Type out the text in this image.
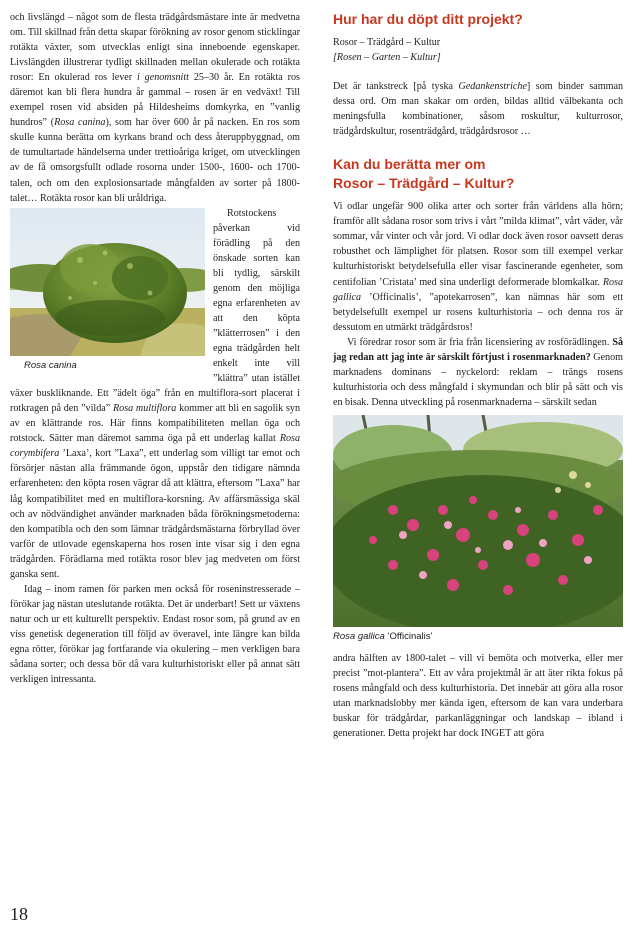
och livslängd – något som de flesta trädgårdsmästare inte är medvetna om. Till skillnad från detta skapar förökning av rosor genom sticklingar rotäkta växter, som utvecklas enligt sina inneboende egenskaper. Livslängden illustrerar tydligt skillnaden mellan okulerade och rotäkta rosor: En okulerad ros lever i genomsnitt 25–30 år. En rotäkta ros däremot kan bli flera hundra år gammal – rosen är en vedväxt! Till exempel rosen vid absiden på Hildesheims domkyrka, en ”vanlig hundros” (Rosa canina), som har över 600 år på nacken. En ros som skulle kunna berätta om kyrkans brand och dess återuppbyggnad, om de tumultartade händelserna under trettioåriga kriget, om utvecklingen av de få omsorgsfullt odlade rosorna under 1500-, 1600- och 1700-talen, och om den explosionsartade mångfalden av sorter på 1800-talet… Rotäkta rosor kan bli uråldriga.

Rosa canina
Rotstockens påverkan vid förädling på den önskade sorten kan bli tydlig, särskilt genom den möjliga egna erfarenheten av att den köpta ”klätterrosen” i den egna trädgården helt enkelt inte vill ”klättra” utan istället växer buskliknande. Ett ”ädelt öga” från en multiflora-sort placerat i rotkragen på den ”vilda” Rosa multiflora kommer att bli en sagolik syn av en klättrande ros. Här finns kompatibiliteten mellan öga och rotstock. Sätter man däremot samma öga på ett underlag kallat Rosa corymbifera ’Laxa’, kort ”Laxa”, ett underlag som villigt tar emot och försörjer nästan alla främmande ögon, uppstår den tidigare nämnda erfarenheten: den köpta rosen vägrar då att klättra, eftersom ”Laxa” har låg kompatibilitet med en multiflora-korsning. Av affärsmässiga skäl och av nödvändighet använder marknaden båda förökningsmetoderna: den kompatibla och den som lämnar trädgårdsmästarna förbryllad över varför de utlovade egenskaperna hos rosen inte visar sig i den egna trädgården. Förädlarna med rotäkta rosor blev jag medveten om först ganska sent.

Idag – inom ramen för parken men också för roseninstresserade – förökar jag nästan uteslutande rotäkta. Det är underbart! Sett ur växtens natur och ur ett kulturellt perspektiv. Endast rosor som, på grund av en viss genetisk degeneration till följd av överavel, inte längre kan bilda egna rötter, förökar jag fortfarande via okulering – men verkligen bara sådana sorter; och dessa bör då vara kulturhistoriskt eller på annat sätt verkligen intressanta.

Hur har du döpt ditt projekt?

Rosor – Trädgård – Kultur

[Rosen – Garten – Kultur]

Det är tankstreck [på tyska Gedankenstriche] som binder samman dessa ord. Om man skakar om orden, bildas alltid välbekanta och meningsfulla kombinationer, såsom roskultur, kulturrosor, trädgårdskultur, rosenträdgård, trädgårdsrosor …

Kan du berätta mer om
Rosor – Trädgård – Kultur?

Vi odlar ungefär 900 olika arter och sorter från världens alla hörn; framför allt sådana rosor som trivs i vårt ”milda klimat”, vårt väder, vår sommar, vår vinter och vår jord. Vi odlar dock även rosor oavsett deras robusthet och lämplighet för platsen. Rosor som till exempel verkar kulturhistoriskt betydelsefulla eller visar fascinerande egenheter, som centifolian ’Cristata’ med sina underligt deformerade blomkalkar. Rosa gallica ’Officinalis’, ”apotekarrosen”, kan nämnas här som ett betydelsefullt exempel ur rosens kulturhistoria – och denna ros är dessutom en utmärkt trädgårdsros!

Vi föredrar rosor som är fria från licensiering av rosförädlingen. Så jag redan att jag inte är särskilt förtjust i rosenmarknaden? Genom marknadens dominans – nyckelord: reklam – trängs rosens kulturhistoria och dess mångfald i skymundan och blir på sätt och vis en bisak. Denna utveckling på rosenmarknaderna – särskilt sedan

Rosa gallica ’Officinalis’

andra hälften av 1800-talet – vill vi bemöta och motverka, eller mer precist ”mot-plantera”. Ett av våra projektmål är att äter rikta fokus på rosens mångfald och dess kulturhistoria. Det innebär att göra alla rosor utan marknadslobby mer kända igen, eftersom de kan vara underbara buskar för trädgårdar, parkanläggningar och landskap – ibland i generationer. Detta projekt har dock INGET att göra

18
